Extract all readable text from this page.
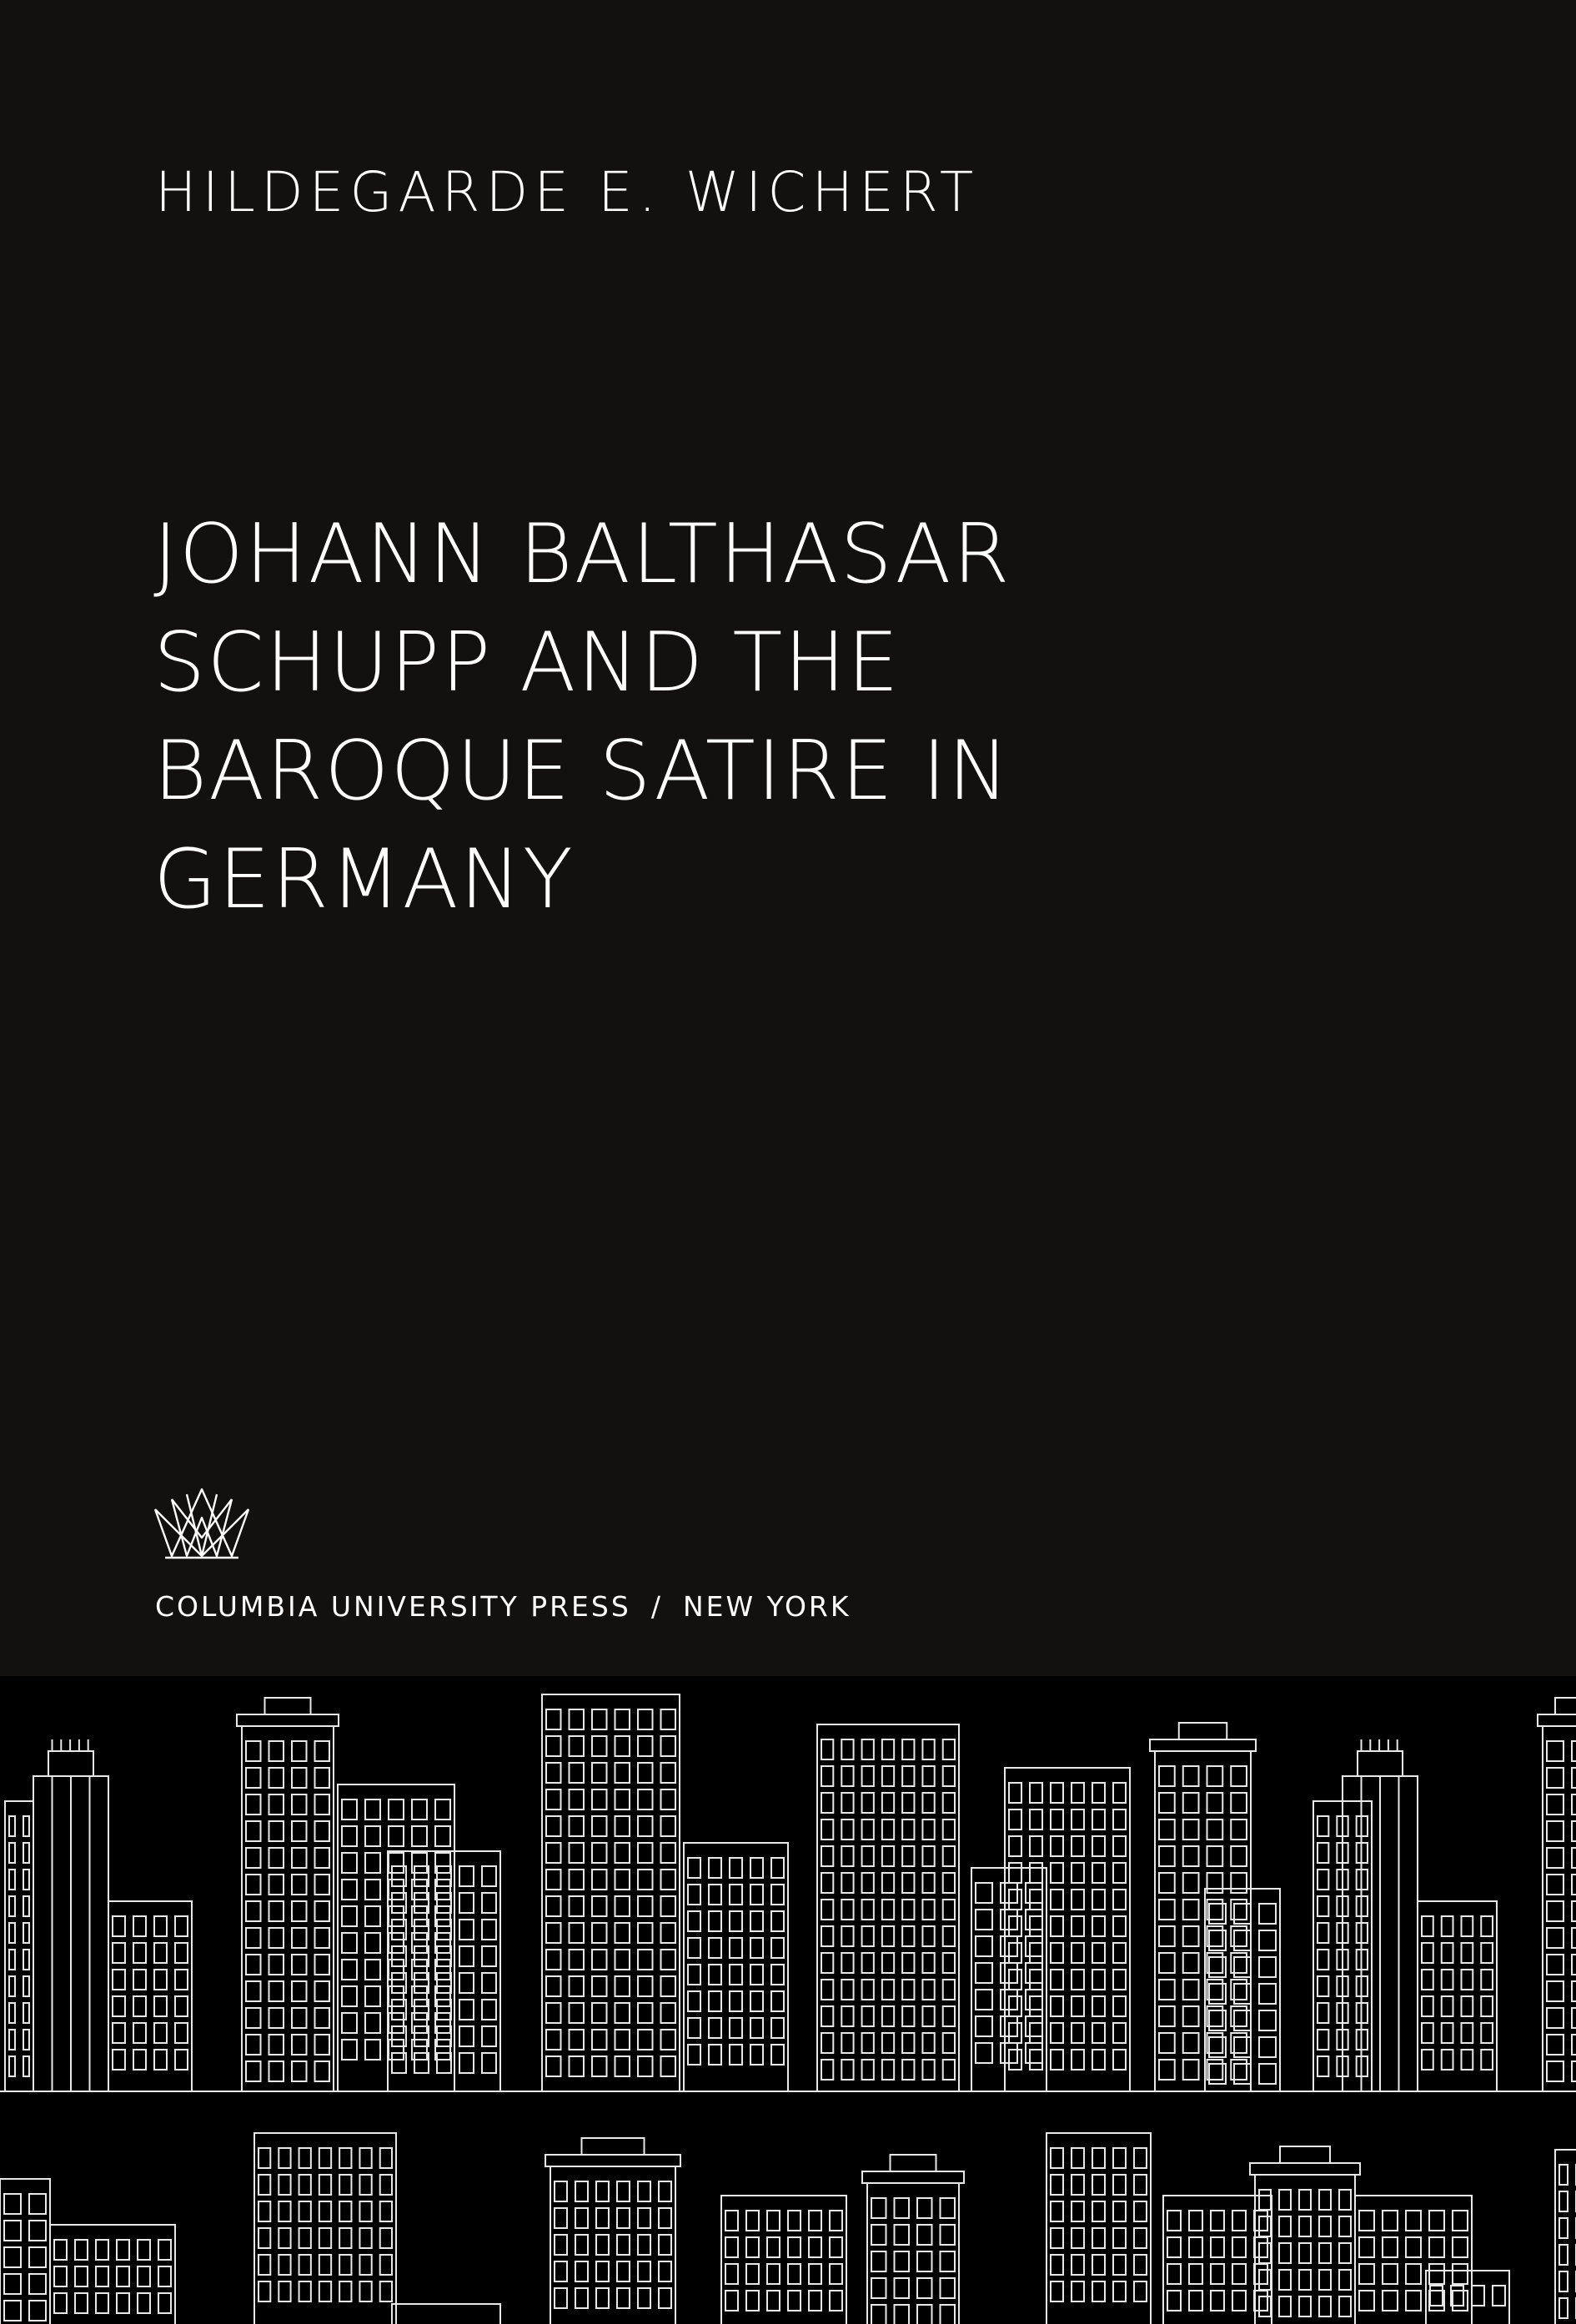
HILDEGARDE E. WICHERT

JOHANN BALTHASAR
SCHUPP AND THE
BAROQUE SATIRE IN
GERMANY

COLUMBIA UNIVERSITY PRESS / NEW YORK
